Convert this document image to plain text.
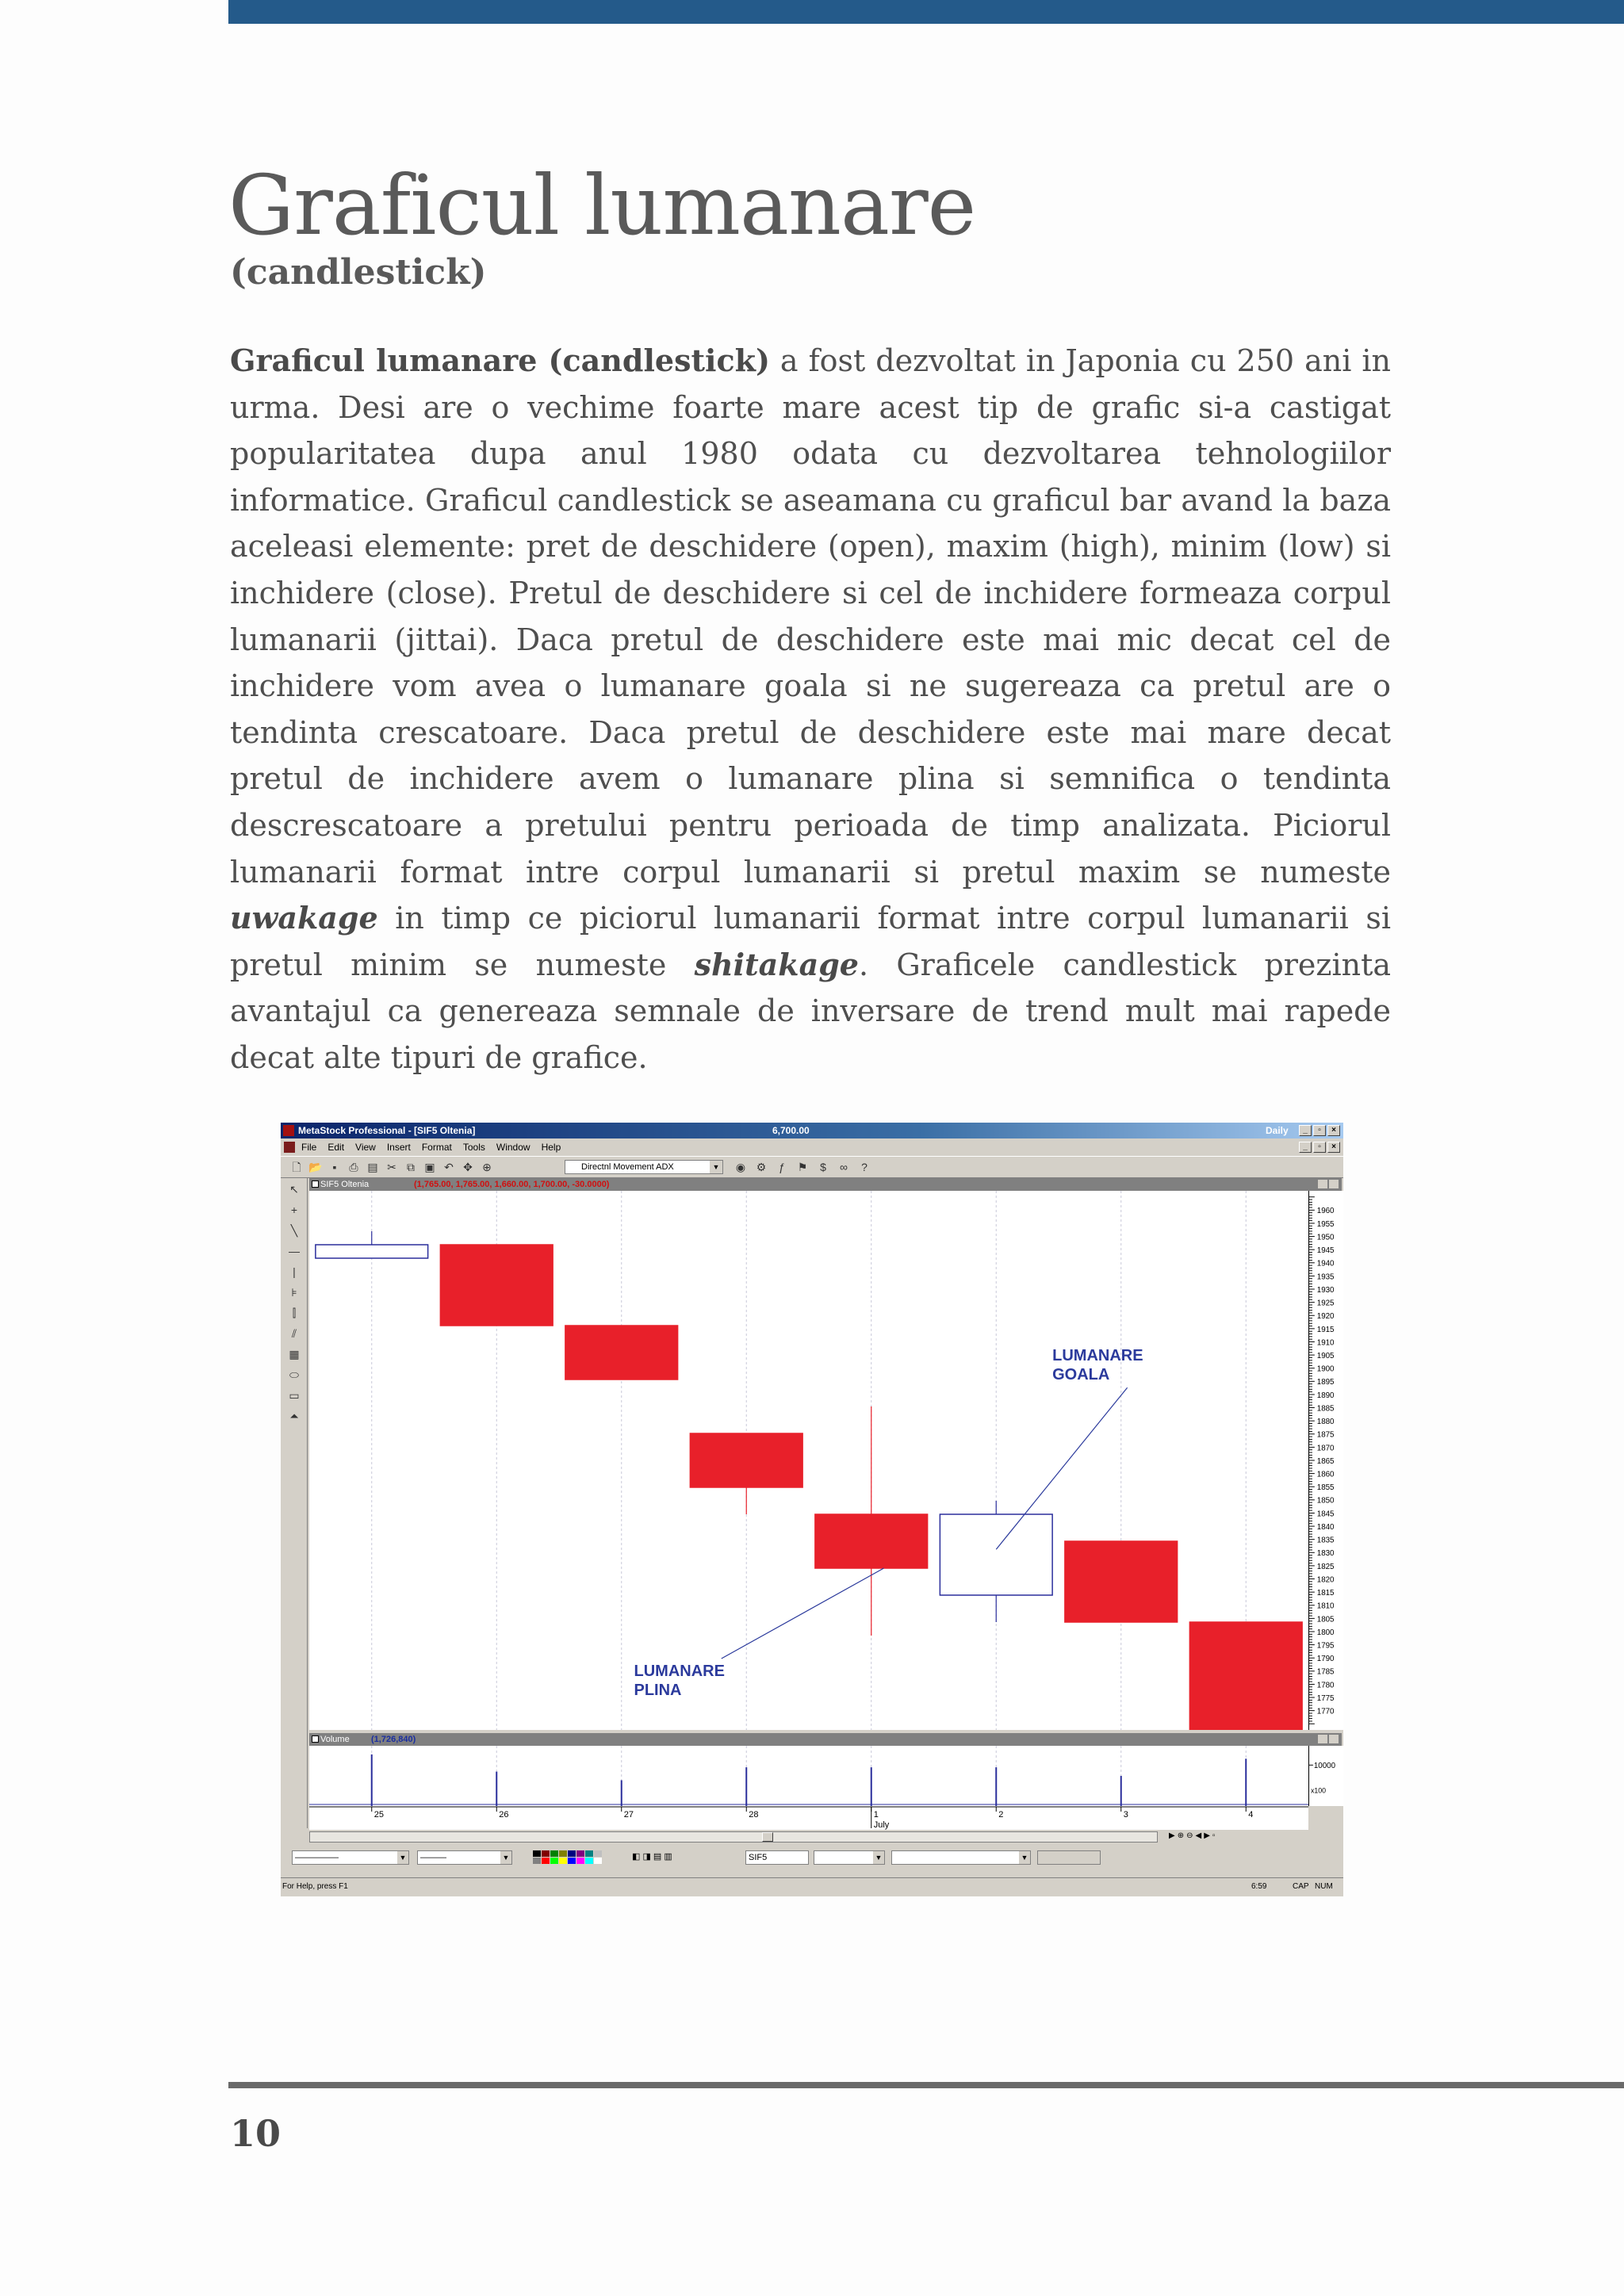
Graficul lumanare
(candlestick)

Graficul lumanare (candlestick) a fost dezvoltat in Japonia cu 250 ani in urma. Desi are o vechime foarte mare acest tip de grafic si-a castigat popularitatea dupa anul 1980 odata cu dezvoltarea tehnologiilor informatice. Graficul candlestick se aseamana cu graficul bar avand la baza aceleasi elemente: pret de deschidere (open), maxim (high), minim (low) si inchidere (close). Pretul de deschidere si cel de inchidere formeaza corpul lumanarii (jittai). Daca pretul de deschidere este mai mic decat cel de inchidere vom avea o lumanare goala si ne sugereaza ca pretul are o tendinta crescatoare. Daca pretul de deschidere este mai mare decat pretul de inchidere avem o lumanare plina si semnifica o tendinta descrescatoare a pretului pentru perioada de timp analizata. Piciorul lumanarii format intre corpul lumanarii si pretul maxim se numeste uwakage in timp ce piciorul lumanarii format intre corpul lumanarii si pretul minim se numeste shitakage. Graficele candlestick prezinta avantajul ca genereaza semnale de inversare de trend mult mai rapede decat alte tipuri de grafice.

MetaStock Professional - [SIF5 Oltenia]	6,700.00	Daily	_	▫	×
File Edit View Insert Format Tools Window Help	_	▫	×
🗋 📂 ▪	⎙ ▤ ✂ ⧉ ▣ ↶ ✥ ⊕	Directnl Movement ADX	▼ ◉ ⚙	ƒ	⚑	$	∞	?
↖
+
╲
—
|
⊧
⫿
⫽
▦
⬭
▭
⏶
SIF5 Oltenia	(1,765.00, 1,765.00, 1,660.00, 1,700.00, -30.0000)
LUMANARE GOALA
LUMANARE PLINA
1960
1955
1950
1945
1940
1935
1930
1925
1920
1915
1910
1905
1900
1895
1890
1885
1880
1875
1870
1865
1860
1855
1850
1845
1840
1835
1830
1825
1820
1815
1810
1805
1800
1795
1790
1785
1780
1775
1770
Volume (1,726,840)
10000
x100
25	26	27	28	1	2	3	4
July
▶ ⊕ ⊖ ◀ ▶ ▫
—————	▼	———	▼	◧ ◨ ▤ ▥	SIF5	▼	▼
For Help, press F1	6:59	CAP NUM
10
